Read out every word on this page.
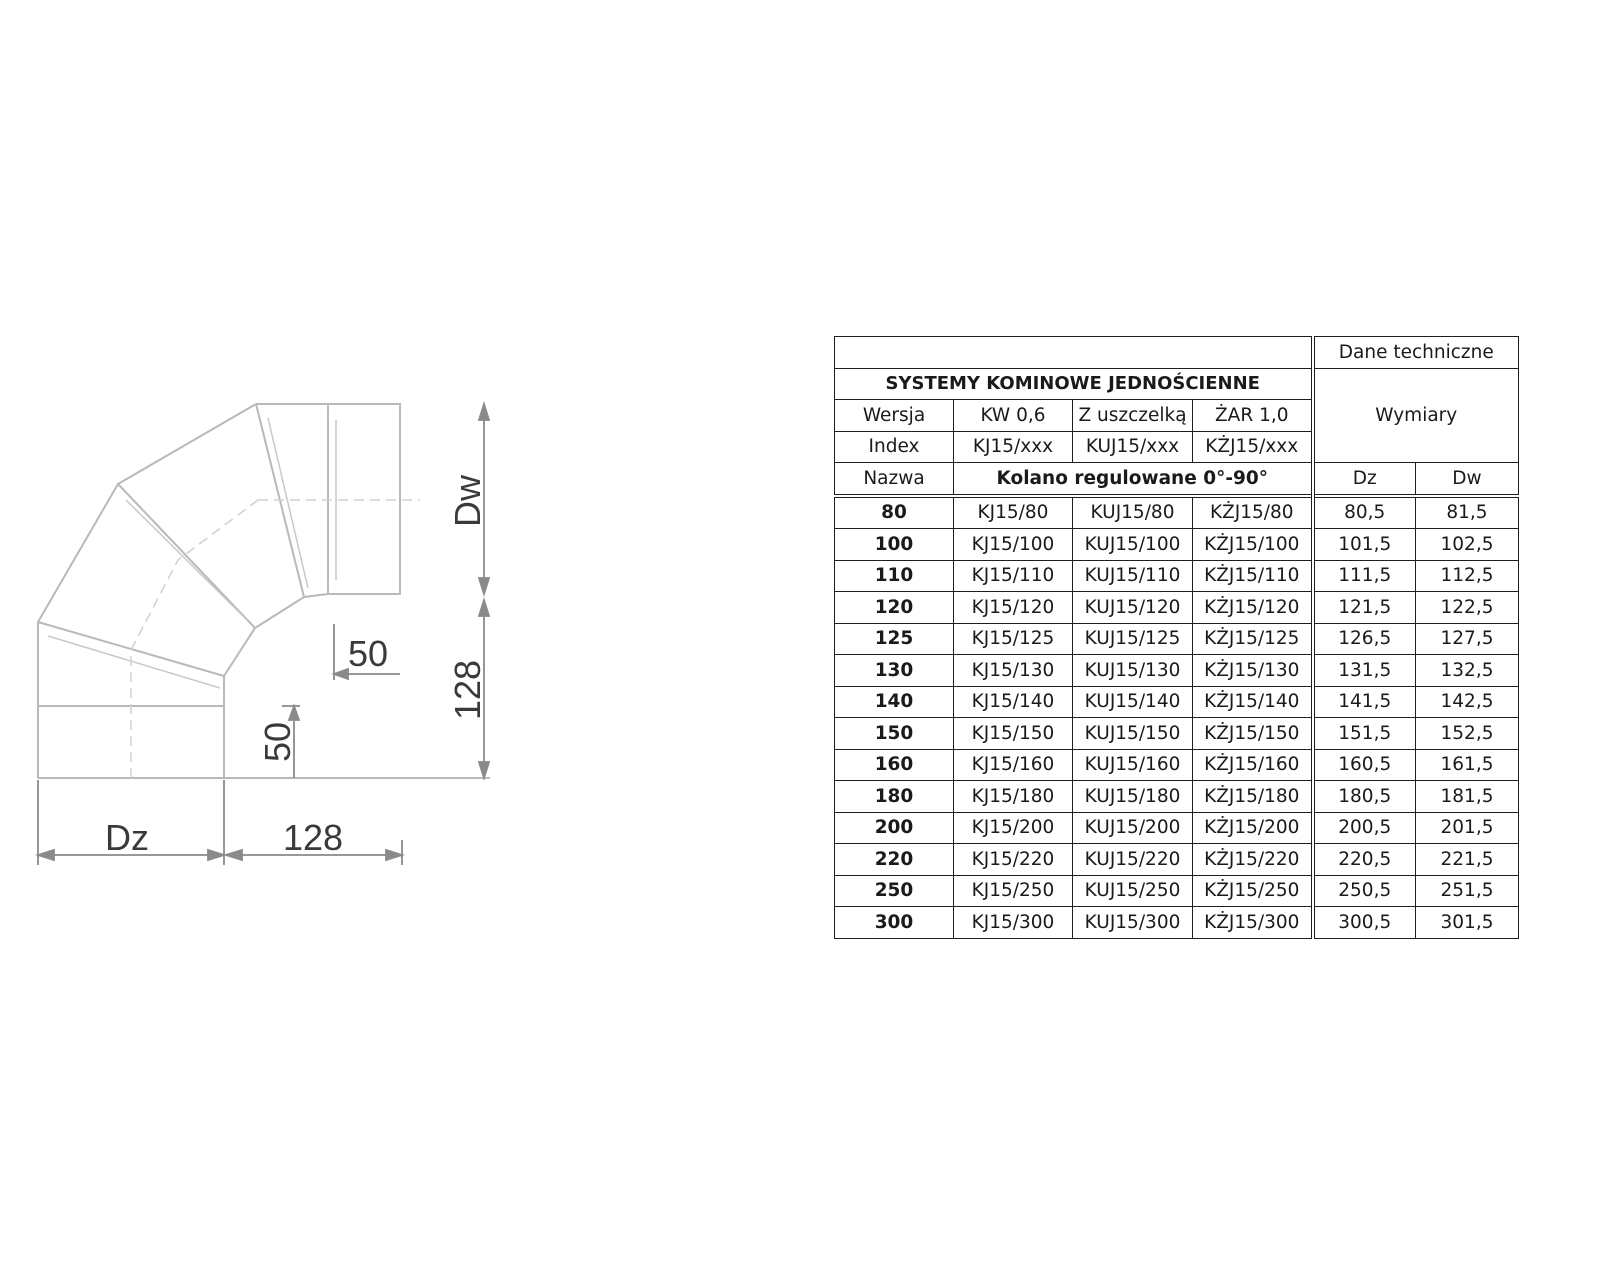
Dw
128
50
50
Dz	128
				Dane techniczne	
SYSTEMY KOMINOWE JEDNOŚCIENNE				Wymiary	
Wersja	KW 0,6	Z uszczelką	ŻAR 1,0		
Index	KJ15/xxx	KUJ15/xxx	KŻJ15/xxx		
Nazwa	Kolano regulowane 0°-90°			Dz	Dw
80	KJ15/80	KUJ15/80	KŻJ15/80	80,5	81,5
100	KJ15/100	KUJ15/100	KŻJ15/100	101,5	102,5
110	KJ15/110	KUJ15/110	KŻJ15/110	111,5	112,5
120	KJ15/120	KUJ15/120	KŻJ15/120	121,5	122,5
125	KJ15/125	KUJ15/125	KŻJ15/125	126,5	127,5
130	KJ15/130	KUJ15/130	KŻJ15/130	131,5	132,5
140	KJ15/140	KUJ15/140	KŻJ15/140	141,5	142,5
150	KJ15/150	KUJ15/150	KŻJ15/150	151,5	152,5
160	KJ15/160	KUJ15/160	KŻJ15/160	160,5	161,5
180	KJ15/180	KUJ15/180	KŻJ15/180	180,5	181,5
200	KJ15/200	KUJ15/200	KŻJ15/200	200,5	201,5
220	KJ15/220	KUJ15/220	KŻJ15/220	220,5	221,5
250	KJ15/250	KUJ15/250	KŻJ15/250	250,5	251,5
300	KJ15/300	KUJ15/300	KŻJ15/300	300,5	301,5
